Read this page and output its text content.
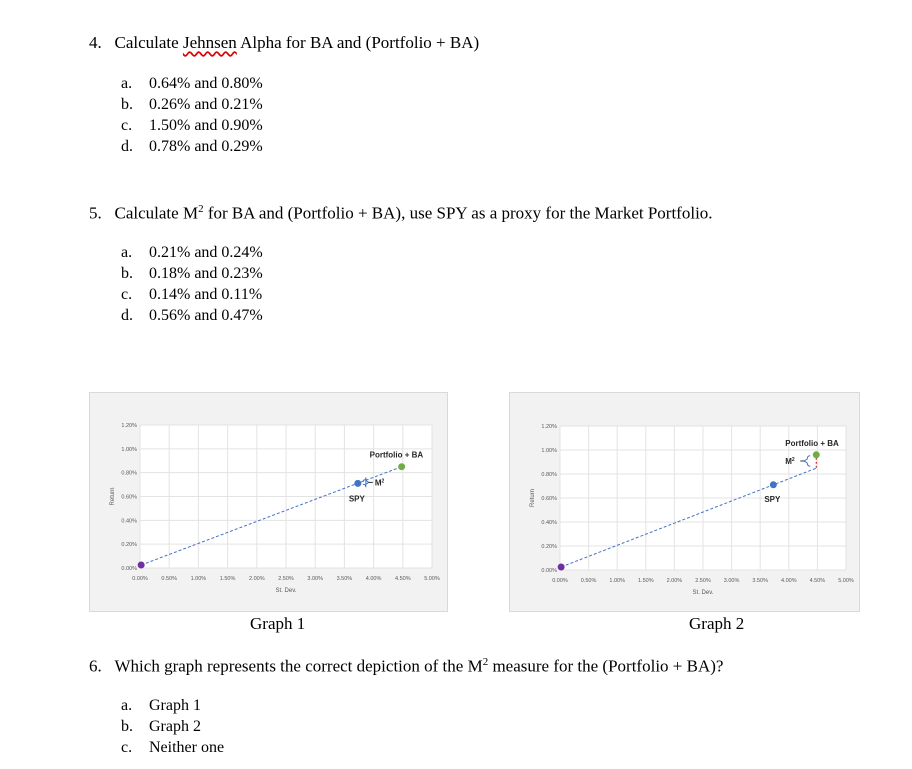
4. Calculate Jehnsen Alpha for BA and (Portfolio + BA)
a. 0.64% and 0.80%
b. 0.26% and 0.21%
c. 1.50% and 0.90%
d. 0.78% and 0.29%
5. Calculate $M^2$ for BA and (Portfolio + BA), use SPY as a proxy for the Market Portfolio.
a. 0.21% and 0.24%
b. 0.18% and 0.23%
c. 0.14% and 0.11%
d. 0.56% and 0.47%
0.00% 0.50% 1.00% 1.50% 2.00% 2.50% 3.00% 3.50% 4.00% 4.50% 5.00%
0.00%
0.20%
0.40%
0.60%
0.80%
1.00%
1.20%
St. Dev.
Return
$M^2$
SPY
Portfolio + BA
0.00% 0.50% 1.00% 1.50% 2.00% 2.50% 3.00% 3.50% 4.00% 4.50% 5.00%
0.00%
0.20%
0.40%
0.60%
0.80%
1.00%
1.20%
St. Dev.
Return
$M^2$
SPY
Portfolio + BA
Graph 1	Graph 2
6. Which graph represents the correct depiction of the $M^2$ measure for the (Portfolio + BA)?
a. Graph 1
b. Graph 2
c. Neither one
